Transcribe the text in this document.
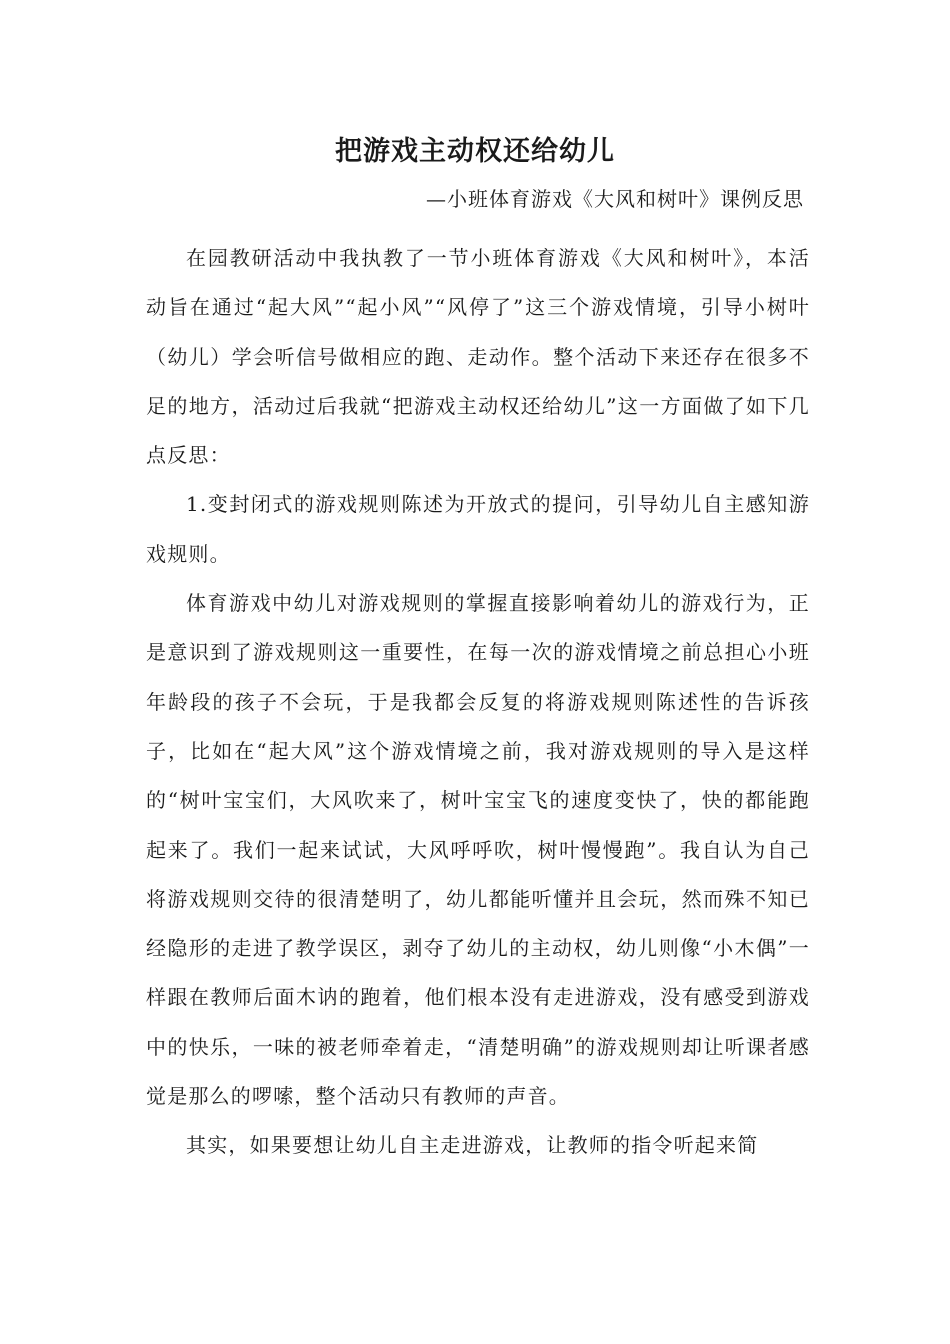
把游戏主动权还给幼儿
—小班体育游戏《大风和树叶》课例反思

在园教研活动中我执教了一节小班体育游戏《大风和树叶》，本活动旨在通过“起大风”“起小风”“风停了”这三个游戏情境，引导小树叶（幼儿）学会听信号做相应的跑、走动作。整个活动下来还存在很多不足的地方，活动过后我就“把游戏主动权还给幼儿”这一方面做了如下几点反思：

1.变封闭式的游戏规则陈述为开放式的提问，引导幼儿自主感知游戏规则。

体育游戏中幼儿对游戏规则的掌握直接影响着幼儿的游戏行为，正是意识到了游戏规则这一重要性，在每一次的游戏情境之前总担心小班年龄段的孩子不会玩，于是我都会反复的将游戏规则陈述性的告诉孩子，比如在“起大风”这个游戏情境之前，我对游戏规则的导入是这样的“树叶宝宝们，大风吹来了，树叶宝宝飞的速度变快了，快的都能跑起来了。我们一起来试试，大风呼呼吹，树叶慢慢跑”。我自认为自己将游戏规则交待的很清楚明了，幼儿都能听懂并且会玩，然而殊不知已经隐形的走进了教学误区，剥夺了幼儿的主动权，幼儿则像“小木偶”一样跟在教师后面木讷的跑着，他们根本没有走进游戏，没有感受到游戏中的快乐，一味的被老师牵着走，“清楚明确”的游戏规则却让听课者感觉是那么的啰嗦，整个活动只有教师的声音。

其实，如果要想让幼儿自主走进游戏，让教师的指令听起来简
